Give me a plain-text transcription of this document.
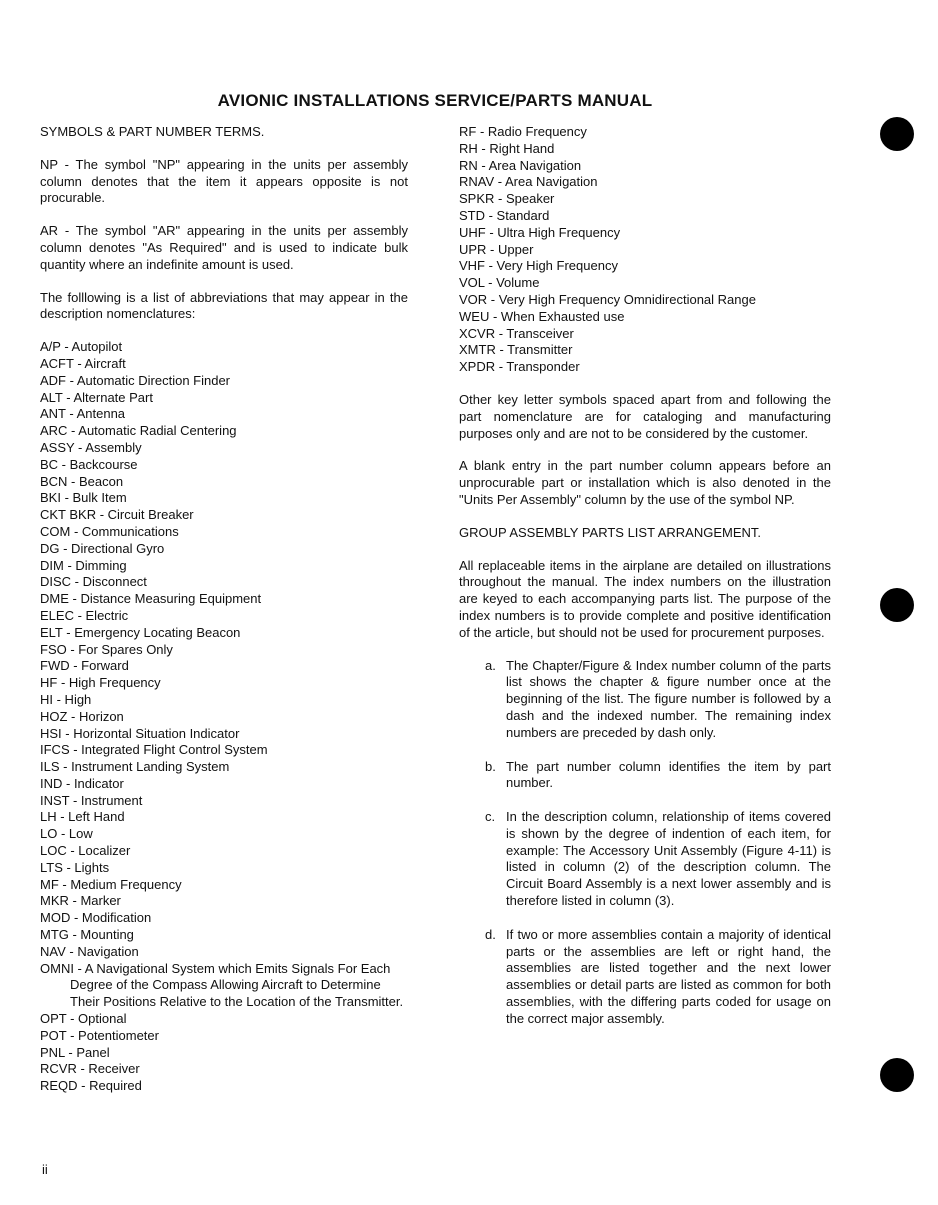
AVIONIC INSTALLATIONS SERVICE/PARTS MANUAL

SYMBOLS & PART NUMBER TERMS.

NP - The symbol "NP" appearing in the units per assembly column denotes that the item it appears opposite is not procurable.

AR - The symbol "AR" appearing in the units per assembly column denotes "As Required" and is used to indicate bulk quantity where an indefinite amount is used.

The folllowing is a list of abbreviations that may appear in the description nomenclatures:

A/P - Autopilot
ACFT - Aircraft
ADF - Automatic Direction Finder
ALT - Alternate Part
ANT - Antenna
ARC - Automatic Radial Centering
ASSY - Assembly
BC - Backcourse
BCN - Beacon
BKI - Bulk Item
CKT BKR - Circuit Breaker
COM - Communications
DG - Directional Gyro
DIM - Dimming
DISC - Disconnect
DME - Distance Measuring Equipment
ELEC - Electric
ELT - Emergency Locating Beacon
FSO - For Spares Only
FWD - Forward
HF - High Frequency
HI - High
HOZ - Horizon
HSI - Horizontal Situation Indicator
IFCS - Integrated Flight Control System
ILS - Instrument Landing System
IND - Indicator
INST - Instrument
LH - Left Hand
LO - Low
LOC - Localizer
LTS - Lights
MF - Medium Frequency
MKR - Marker
MOD - Modification
MTG - Mounting
NAV - Navigation
OMNI - A Navigational System which Emits Signals For Each Degree of the Compass Allowing Aircraft to Determine Their Positions Relative to the Location of the Transmitter.
OPT - Optional
POT - Potentiometer
PNL - Panel
RCVR - Receiver
REQD - Required
RF - Radio Frequency
RH - Right Hand
RN - Area Navigation
RNAV - Area Navigation
SPKR - Speaker
STD - Standard
UHF - Ultra High Frequency
UPR - Upper
VHF - Very High Frequency
VOL - Volume
VOR - Very High Frequency Omnidirectional Range
WEU - When Exhausted use
XCVR - Transceiver
XMTR - Transmitter
XPDR - Transponder

Other key letter symbols spaced apart from and following the part nomenclature are for cataloging and manufacturing purposes only and are not to be considered by the customer.

A blank entry in the part number column appears before an unprocurable part or installation which is also denoted in the "Units Per Assembly" column by the use of the symbol NP.

GROUP ASSEMBLY PARTS LIST ARRANGEMENT.

All replaceable items in the airplane are detailed on illustrations throughout the manual. The index numbers on the illustration are keyed to each accompanying parts list. The purpose of the index numbers is to provide complete and positive identification of the article, but should not be used for procurement purposes.

a. The Chapter/Figure & Index number column of the parts list shows the chapter & figure number once at the beginning of the list. The figure number is followed by a dash and the indexed number. The remaining index numbers are preceded by dash only.
b. The part number column identifies the item by part number.
c. In the description column, relationship of items covered is shown by the degree of indention of each item, for example: The Accessory Unit Assembly (Figure 4-11) is listed in column (2) of the description column. The Circuit Board Assembly is a next lower assembly and is therefore listed in column (3).
d. If two or more assemblies contain a majority of identical parts or the assemblies are left or right hand, the assemblies are listed together and the next lower assemblies or detail parts are listed as common for both assemblies, with the differing parts coded for usage on the correct major assembly.
ii
